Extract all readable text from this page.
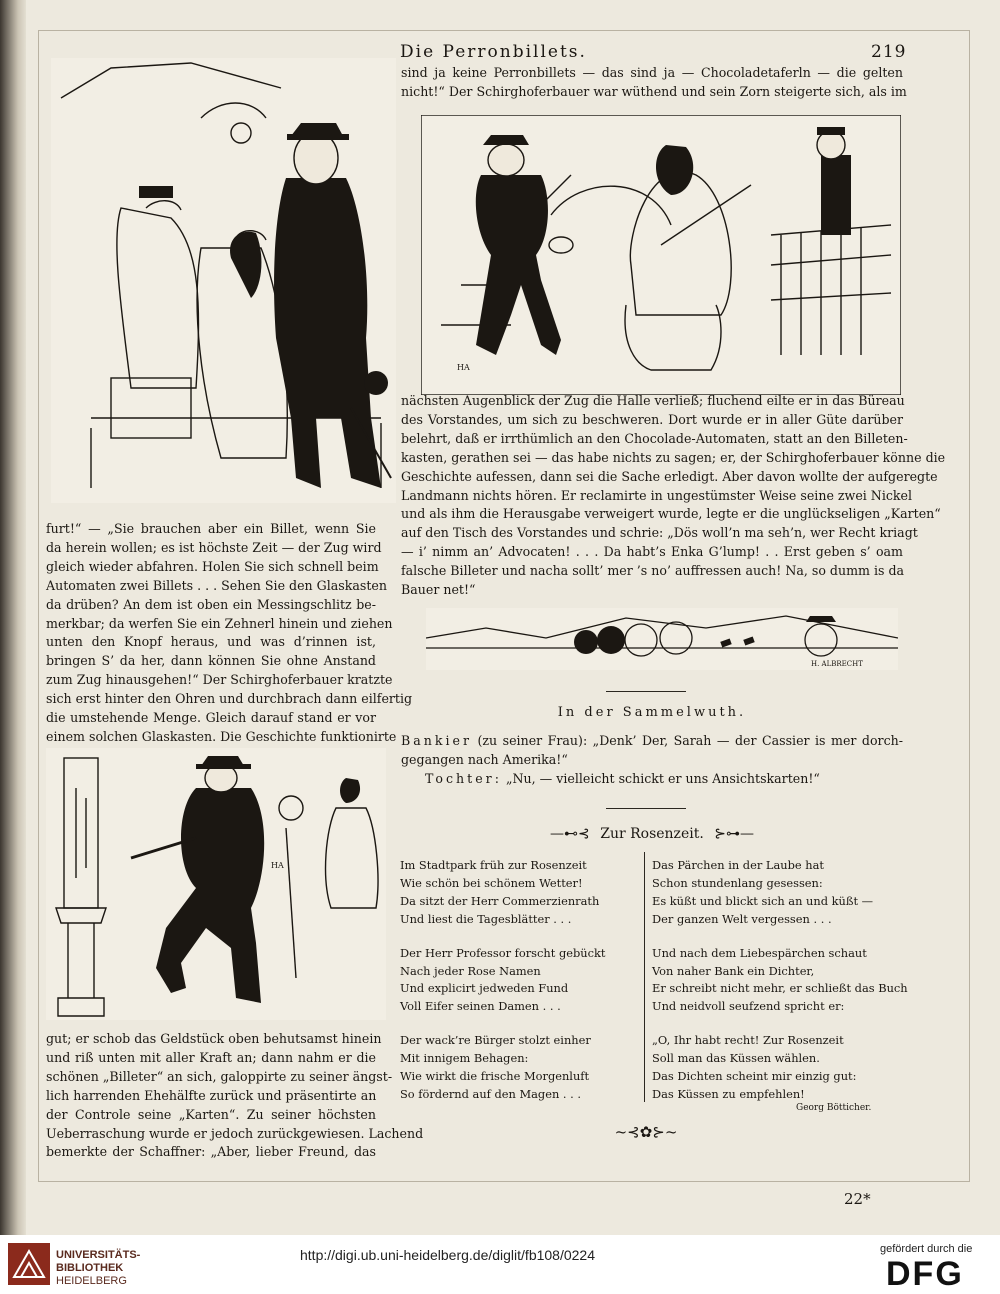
Die Perronbillets.	219
HA

sind ja keine Perronbillets — das sind ja — Chocoladetaferln — die gelten

nicht!“ Der Schirghoferbauer war wüthend und sein Zorn steigerte sich, als im

furt!“ — „Sie brauchen aber ein Billet, wenn Sie

da herein wollen; es ist höchste Zeit — der Zug wird

gleich wieder abfahren. Holen Sie sich schnell beim

Automaten zwei Billets . . . Sehen Sie den Glaskasten

da drüben? An dem ist oben ein Messingschlitz be-

merkbar; da werfen Sie ein Zehnerl hinein und ziehen

unten den Knopf heraus, und was d’rinnen ist,

bringen S’ da her, dann können Sie ohne Anstand

zum Zug hinausgehen!“ Der Schirghoferbauer kratzte

sich erst hinter den Ohren und durchbrach dann eilfertig

die umstehende Menge. Gleich darauf stand er vor

einem solchen Glaskasten. Die Geschichte funktionirte

HA

gut; er schob das Geldstück oben behutsamst hinein

und riß unten mit aller Kraft an; dann nahm er die

schönen „Billeter“ an sich, galoppirte zu seiner ängst-

lich harrenden Ehehälfte zurück und präsentirte an

der Controle seine „Karten“. Zu seiner höchsten

Ueberraschung wurde er jedoch zurückgewiesen. Lachend

bemerkte der Schaffner: „Aber, lieber Freund, das

nächsten Augenblick der Zug die Halle verließ; fluchend eilte er in das Büreau

des Vorstandes, um sich zu beschweren. Dort wurde er in aller Güte darüber

belehrt, daß er irrthümlich an den Chocolade-Automaten, statt an den Billeten-

kasten, gerathen sei — das habe nichts zu sagen; er, der Schirghoferbauer könne die

Geschichte aufessen, dann sei die Sache erledigt. Aber davon wollte der aufgeregte

Landmann nichts hören. Er reclamirte in ungestümster Weise seine zwei Nickel

und als ihm die Herausgabe verweigert wurde, legte er die unglückseligen „Karten“

auf den Tisch des Vorstandes und schrie: „Dös woll’n ma seh’n, wer Recht kriagt

— i’ nimm an’ Advocaten! . . . Da habt’s Enka G’lump! . . Erst geben s’ oam

falsche Billeter und nacha sollt’ mer ’s no’ auffressen auch! Na, so dumm is da

Bauer net!“

H. ALBRECHT
In der Sammelwuth.

Bankier (zu seiner Frau): „Denk’ Der, Sarah — der Cassier is mer dorch-

gegangen nach Amerika!“

Tochter: „Nu, — vielleicht schickt er uns Ansichtskarten!“

—⊷⊰ Zur Rosenzeit. ⊱⊶—

Im Stadtpark früh zur Rosenzeit

Wie schön bei schönem Wetter!

Da sitzt der Herr Commerzienrath

Und liest die Tagesblätter . . .

Der Herr Professor forscht gebückt

Nach jeder Rose Namen

Und explicirt jedweden Fund

Voll Eifer seinen Damen . . .

Der wack’re Bürger stolzt einher

Mit innigem Behagen:

Wie wirkt die frische Morgenluft

So fördernd auf den Magen . . .

Das Pärchen in der Laube hat

Schon stundenlang gesessen:

Es küßt und blickt sich an und küßt —

Der ganzen Welt vergessen . . .

Und nach dem Liebespärchen schaut

Von naher Bank ein Dichter,

Er schreibt nicht mehr, er schließt das Buch

Und neidvoll seufzend spricht er:

„O, Ihr habt recht! Zur Rosenzeit

Soll man das Küssen wählen.

Das Dichten scheint mir einzig gut:

Das Küssen zu empfehlen!

Georg Bötticher.
~⊰✿⊱~
22*
UNIVERSITÄTS-
BIBLIOTHEK
HEIDELBERG
http://digi.ub.uni-heidelberg.de/diglit/fb108/0224	gefördert durch die
DFG
